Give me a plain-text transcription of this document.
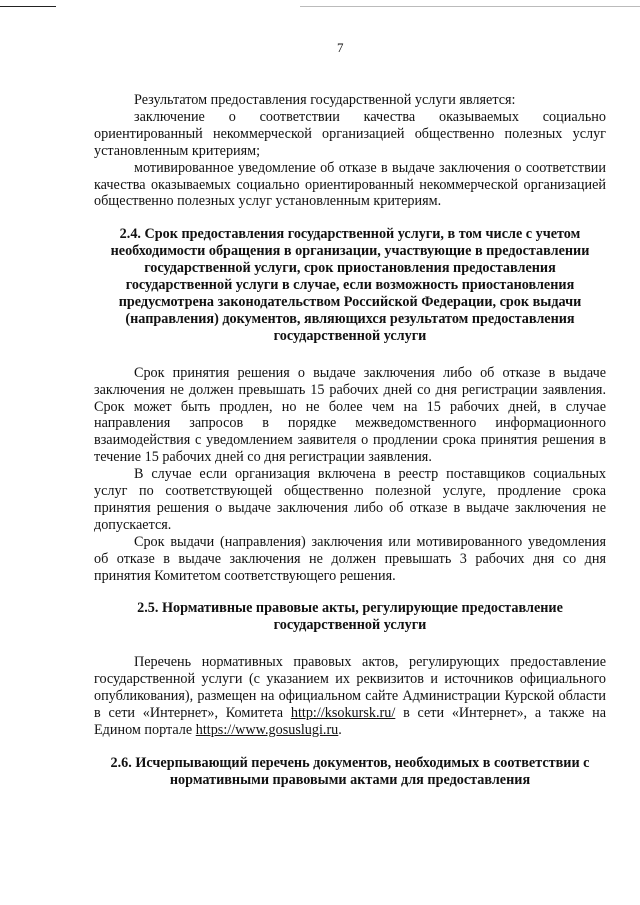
7

Результатом предоставления государственной услуги является:

заключение о соответствии качества оказываемых социально ориентированный некоммерческой организацией общественно полезных услуг установленным критериям;

мотивированное уведомление об отказе в выдаче заключения о соответствии качества оказываемых социально ориентированный некоммерческой организацией общественно полезных услуг установленным критериям.

2.4. Срок предоставления государственной услуги, в том числе с учетом необходимости обращения в организации, участвующие в предоставлении государственной услуги, срок приостановления предоставления государственной услуги в случае, если возможность приостановления предусмотрена законодательством Российской Федерации, срок выдачи (направления) документов, являющихся результатом предоставления государственной услуги

Срок принятия решения о выдаче заключения либо об отказе в выдаче заключения не должен превышать 15 рабочих дней со дня регистрации заявления. Срок может быть продлен, но не более чем на 15 рабочих дней, в случае направления запросов в порядке межведомственного информационного взаимодействия с уведомлением заявителя о продлении срока принятия решения в течение 15 рабочих дней со дня регистрации заявления.

В случае если организация включена в реестр поставщиков социальных услуг по соответствующей общественно полезной услуге, продление срока принятия решения о выдаче заключения либо об отказе в выдаче заключения не допускается.

Срок выдачи (направления) заключения или мотивированного уведомления об отказе в выдаче заключения не должен превышать 3 рабочих дня со дня принятия Комитетом соответствующего решения.

2.5. Нормативные правовые акты, регулирующие предоставление государственной услуги

Перечень нормативных правовых актов, регулирующих предоставление государственной услуги (с указанием их реквизитов и источников официального опубликования), размещен на официальном сайте Администрации Курской области в сети «Интернет», Комитета http://ksokursk.ru/ в сети «Интернет», а также на Едином портале https://www.gosuslugi.ru.

2.6. Исчерпывающий перечень документов, необходимых в соответствии с нормативными правовыми актами для предоставления
